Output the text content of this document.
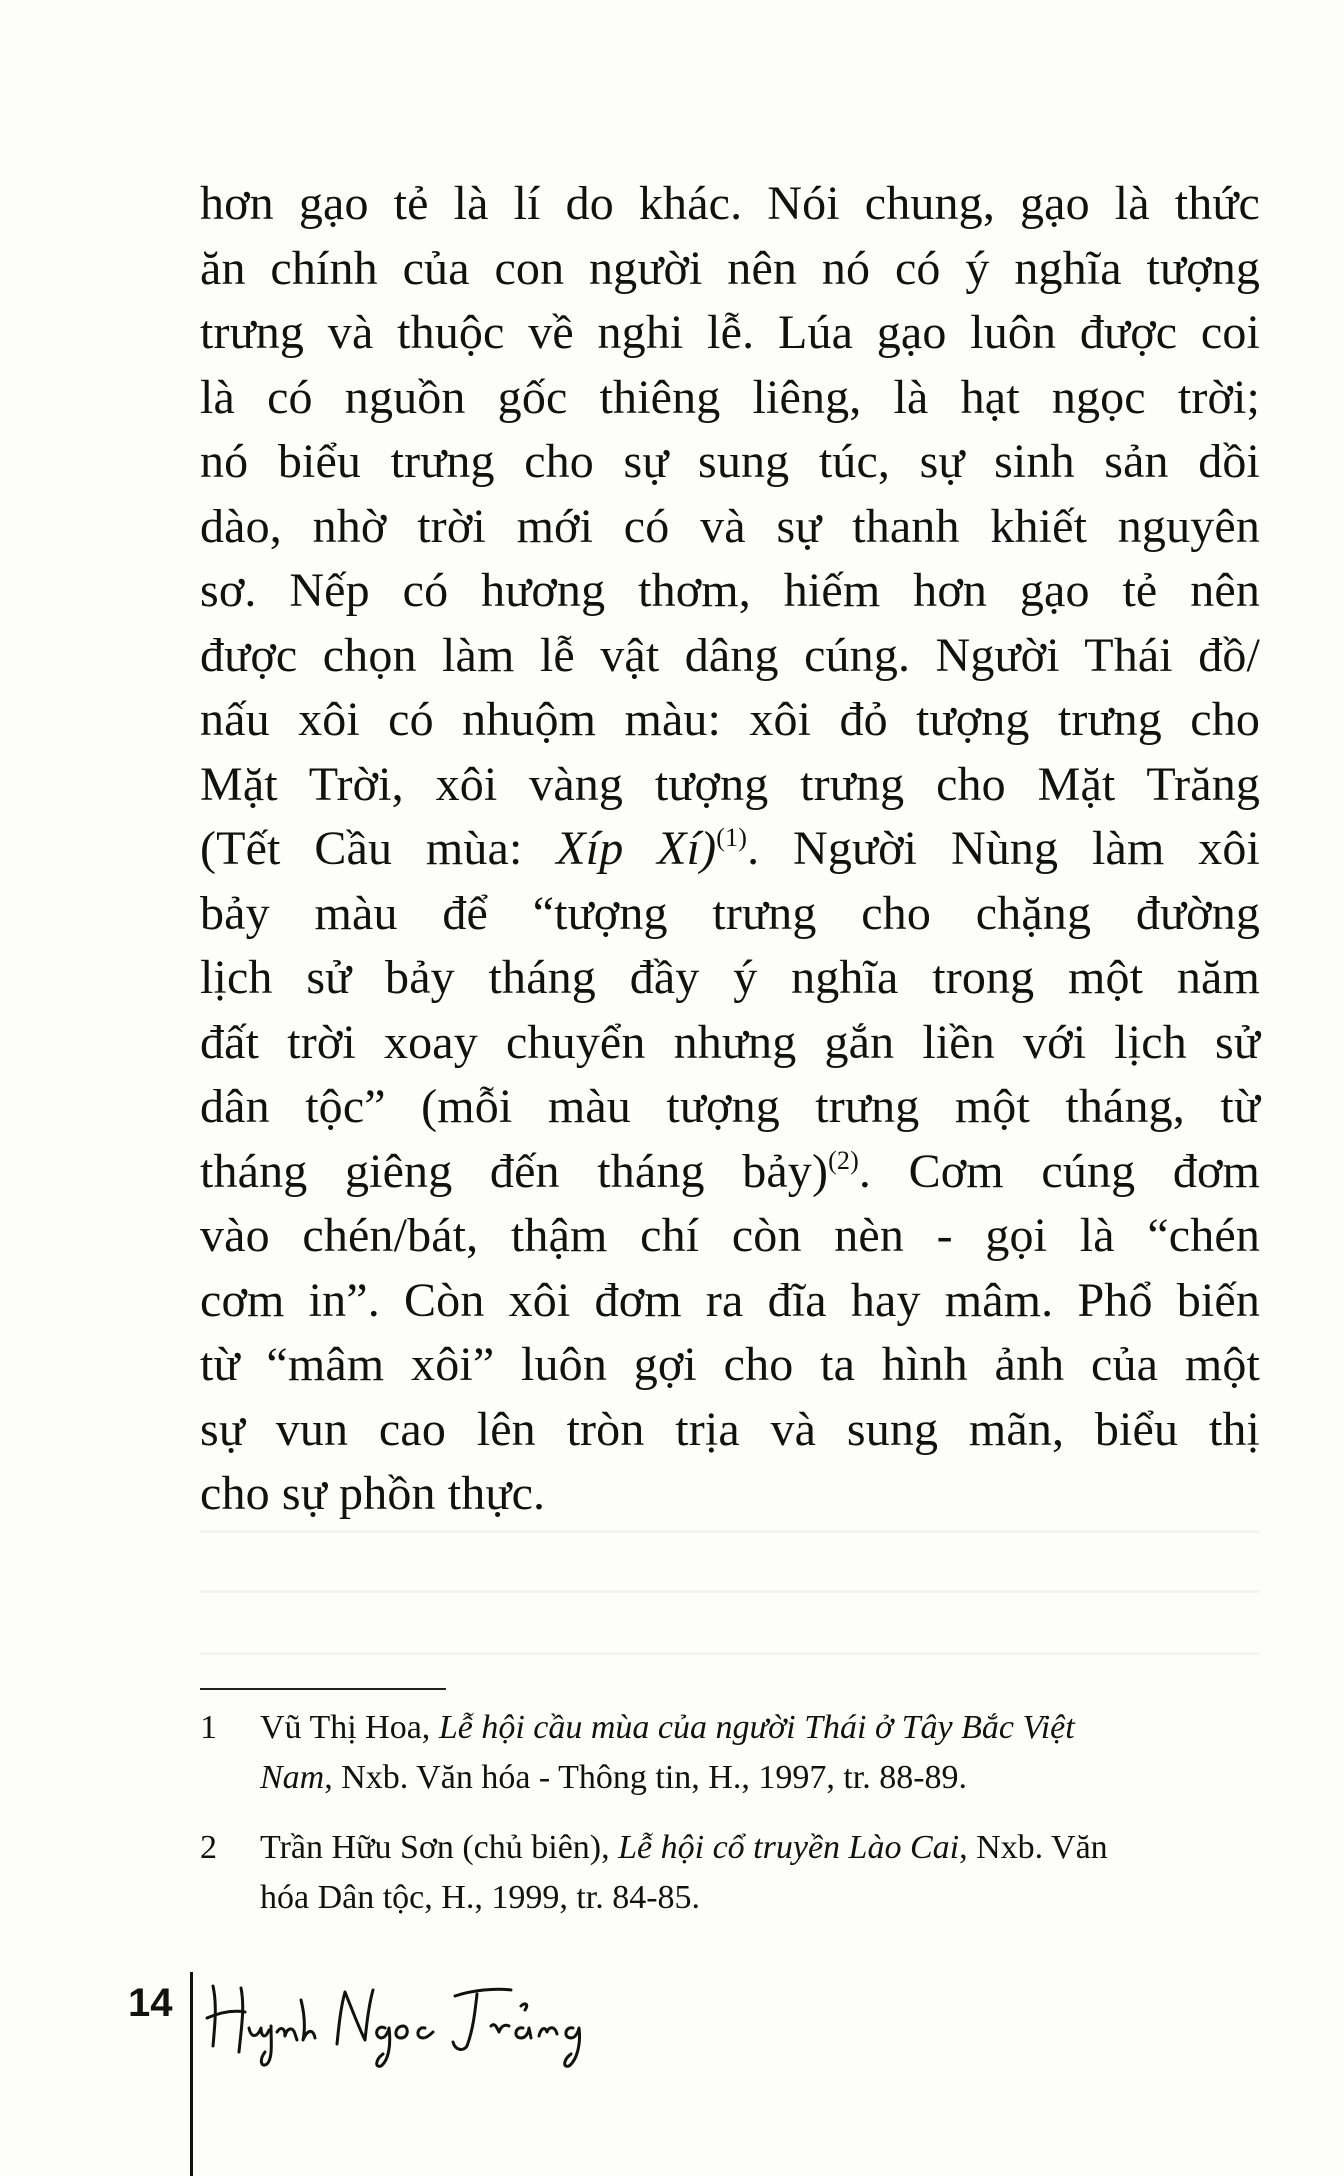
hơn gạo tẻ là lí do khác. Nói chung, gạo là thức
ăn chính của con người nên nó có ý nghĩa tượng
trưng và thuộc về nghi lễ. Lúa gạo luôn được coi
là có nguồn gốc thiêng liêng, là hạt ngọc trời;
nó biểu trưng cho sự sung túc, sự sinh sản dồi
dào, nhờ trời mới có và sự thanh khiết nguyên
sơ. Nếp có hương thơm, hiếm hơn gạo tẻ nên
được chọn làm lễ vật dâng cúng. Người Thái đồ/
nấu xôi có nhuộm màu: xôi đỏ tượng trưng cho
Mặt Trời, xôi vàng tượng trưng cho Mặt Trăng
(Tết Cầu mùa: Xíp Xí)$^{(1)}$. Người Nùng làm xôi
bảy màu để “tượng trưng cho chặng đường
lịch sử bảy tháng đầy ý nghĩa trong một năm
đất trời xoay chuyển nhưng gắn liền với lịch sử
dân tộc” (mỗi màu tượng trưng một tháng, từ
tháng giêng đến tháng bảy)$^{(2)}$. Cơm cúng đơm
vào chén/bát, thậm chí còn nèn - gọi là “chén
cơm in”. Còn xôi đơm ra đĩa hay mâm. Phổ biến
từ “mâm xôi” luôn gợi cho ta hình ảnh của một
sự vun cao lên tròn trịa và sung mãn, biểu thị
cho sự phồn thực.
1 Vũ Thị Hoa, Lễ hội cầu mùa của người Thái ở Tây Bắc Việt
Nam, Nxb. Văn hóa - Thông tin, H., 1997, tr. 88-89.
2 Trần Hữu Sơn (chủ biên), Lễ hội cổ truyền Lào Cai, Nxb. Văn
hóa Dân tộc, H., 1999, tr. 84-85.
14
